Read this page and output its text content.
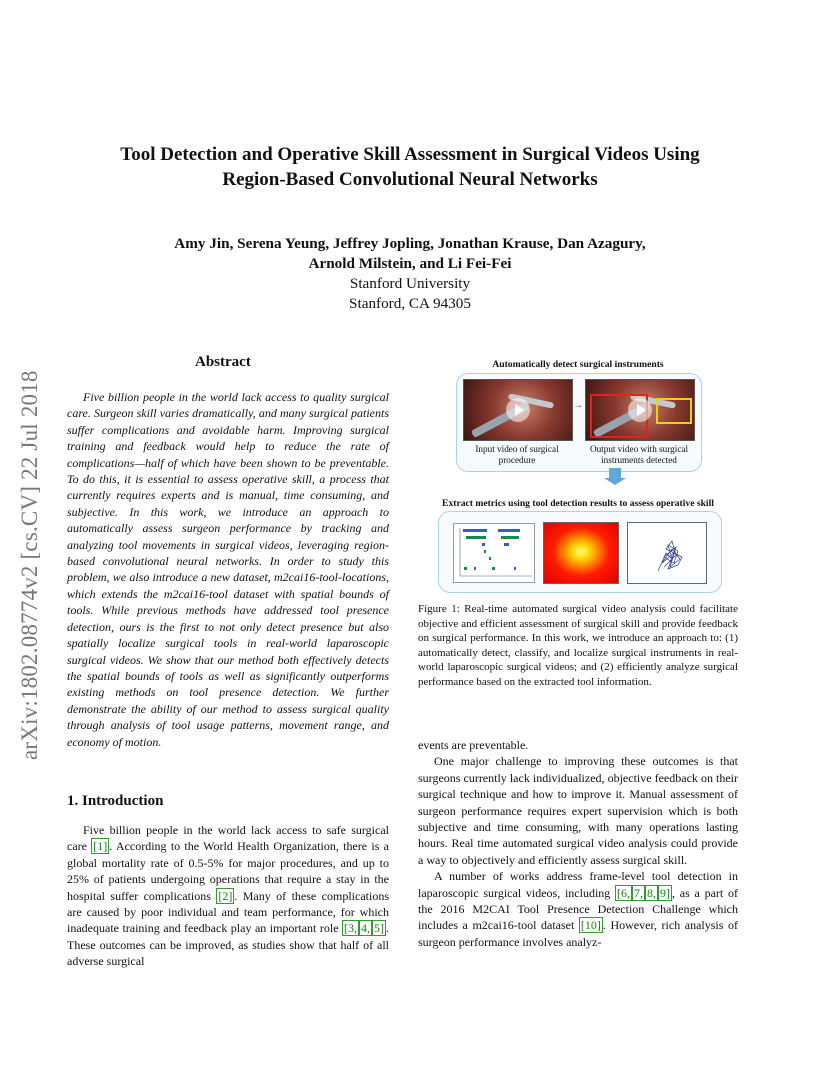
arXiv:1802.08774v2 [cs.CV] 22 Jul 2018
Tool Detection and Operative Skill Assessment in Surgical Videos Using
Region-Based Convolutional Neural Networks
Amy Jin, Serena Yeung, Jeffrey Jopling, Jonathan Krause, Dan Azagury,
Arnold Milstein, and Li Fei-Fei
Stanford University
Stanford, CA 94305
Abstract
Five billion people in the world lack access to quality surgical care. Surgeon skill varies dramatically, and many surgical patients suffer complications and avoidable harm. Improving surgical training and feedback would help to reduce the rate of complications—half of which have been shown to be preventable. To do this, it is essential to assess operative skill, a process that currently requires experts and is manual, time consuming, and subjective. In this work, we introduce an approach to automatically assess surgeon performance by tracking and analyzing tool movements in surgical videos, leveraging region-based convolutional neural networks. In order to study this problem, we also introduce a new dataset, m2cai16-tool-locations, which extends the m2cai16-tool dataset with spatial bounds of tools. While previous methods have addressed tool presence detection, ours is the first to not only detect presence but also spatially localize surgical tools in real-world laparoscopic surgical videos. We show that our method both effectively detects the spatial bounds of tools as well as significantly outperforms existing methods on tool presence detection. We further demonstrate the ability of our method to assess surgical quality through analysis of tool usage patterns, movement range, and economy of motion.
1. Introduction
Five billion people in the world lack access to safe surgical care [1] . According to the World Health Organization, there is a global mortality rate of 0.5-5% for major procedures, and up to 25% of patients undergoing operations that require a stay in the hospital suffer complications [2] . Many of these complications are caused by poor individual and team performance, for which inadequate training and feedback play an important role [3, 4, 5] . These outcomes can be improved, as studies show that half of all adverse surgical
Automatically detect surgical instruments
→
Input video of surgical procedure
Output video with surgical instruments detected
Extract metrics using tool detection results to assess operative skill
Figure 1: Real-time automated surgical video analysis could facilitate objective and efficient assessment of surgical skill and provide feedback on surgical performance. In this work, we introduce an approach to: (1) automatically detect, classify, and localize surgical instruments in real-world laparoscopic surgical videos; and (2) efficiently analyze surgical performance based on the extracted tool information.

events are preventable.

One major challenge to improving these outcomes is that surgeons currently lack individualized, objective feedback on their surgical technique and how to improve it. Manual assessment of surgeon performance requires expert supervision which is both subjective and time consuming, with many operations lasting hours. Real time automated surgical video analysis could provide a way to objectively and efficiently assess surgical skill.

A number of works address frame-level tool detection in laparoscopic surgical videos, including [6, 7, 8, 9] , as a part of the 2016 M2CAI Tool Presence Detection Challenge which includes a m2cai16-tool dataset [10] . However, rich analysis of surgeon performance involves analyz-
